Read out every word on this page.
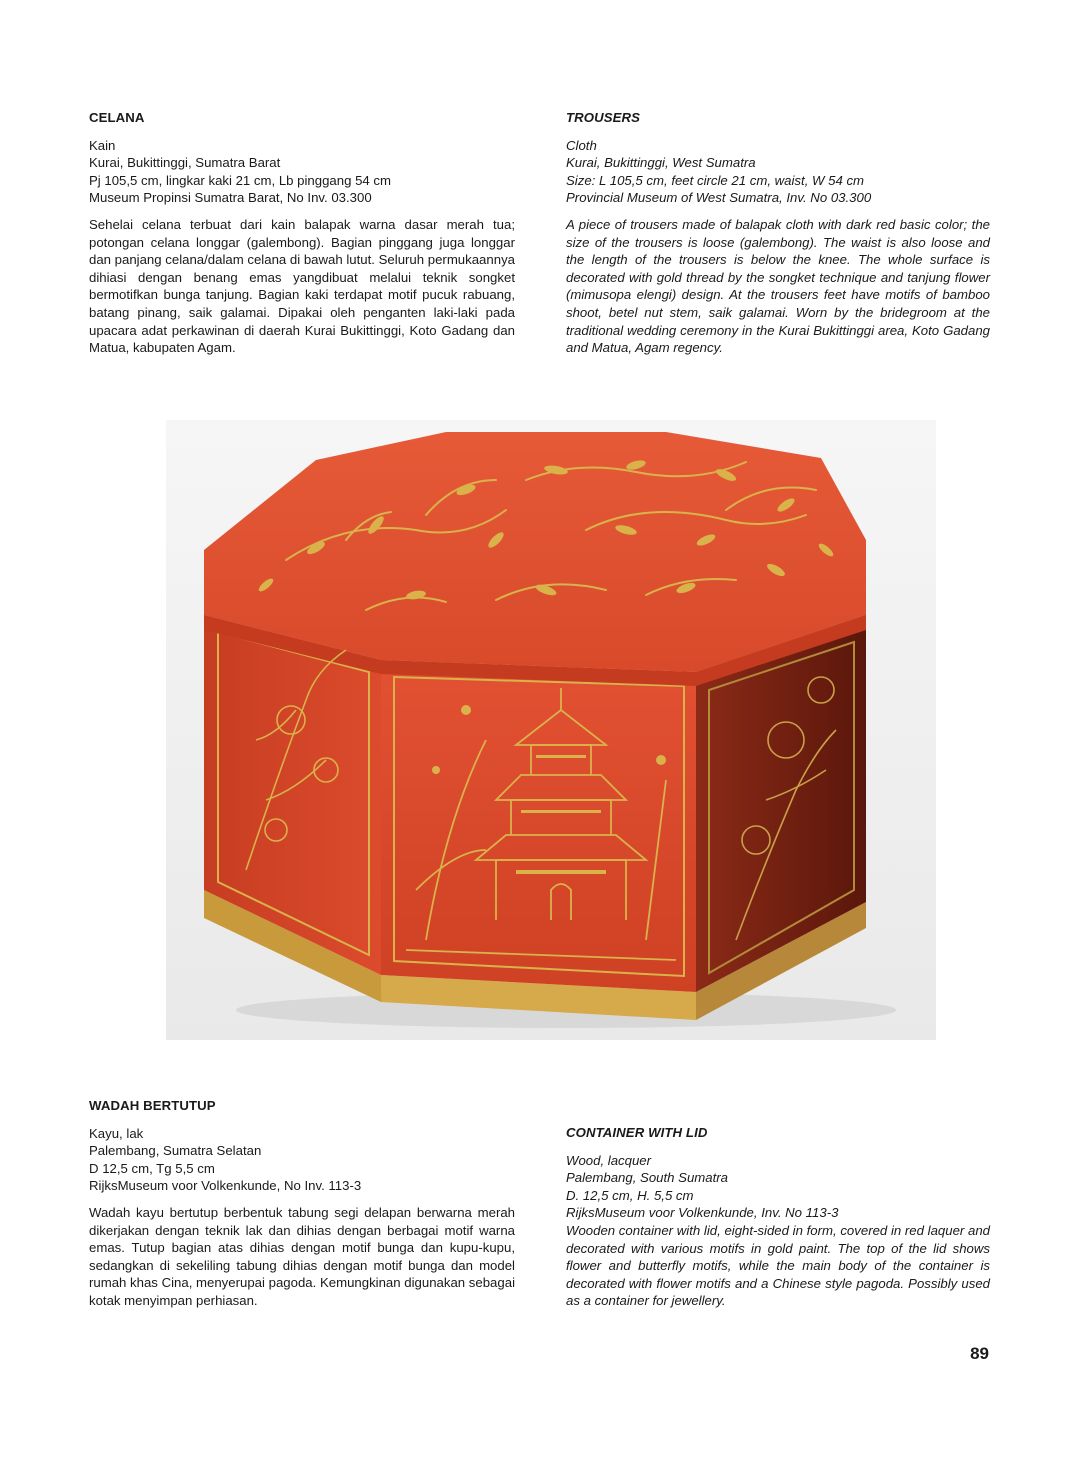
CELANA
Kain
Kurai, Bukittinggi, Sumatra Barat
Pj 105,5 cm, lingkar kaki 21 cm, Lb pinggang 54 cm
Museum Propinsi Sumatra Barat, No Inv. 03.300

Sehelai celana terbuat dari kain balapak warna dasar merah tua; potongan celana longgar (galembong). Bagian pinggang juga longgar dan panjang celana/dalam celana di bawah lutut. Seluruh permukaannya dihiasi dengan benang emas yangdibuat melalui teknik songket bermotifkan bunga tanjung. Bagian kaki terdapat motif pucuk rabuang, batang pinang, saik galamai. Dipakai oleh penganten laki-laki pada upacara adat perkawinan di daerah Kurai Bukittinggi, Koto Gadang dan Matua, kabupaten Agam.

TROUSERS
Cloth
Kurai, Bukittinggi, West Sumatra
Size: L 105,5 cm, feet circle 21 cm, waist, W 54 cm
Provincial Museum of West Sumatra, Inv. No 03.300

A piece of trousers made of balapak cloth with dark red basic color; the size of the trousers is loose (galembong). The waist is also loose and the length of the trousers is below the knee. The whole surface is decorated with gold thread by the songket technique and tanjung flower (mimusopa elengi) design. At the trousers feet have motifs of bamboo shoot, betel nut stem, saik galamai. Worn by the bridegroom at the traditional wedding ceremony in the Kurai Bukittinggi area, Koto Gadang and Matua, Agam regency.

WADAH BERTUTUP
Kayu, lak
Palembang, Sumatra Selatan
D 12,5 cm, Tg 5,5 cm
RijksMuseum voor Volkenkunde, No Inv. 113-3

Wadah kayu bertutup berbentuk tabung segi delapan berwarna merah dikerjakan dengan teknik lak dan dihias dengan berbagai motif warna emas. Tutup bagian atas dihias dengan motif bunga dan kupu-kupu, sedangkan di sekeliling tabung dihias dengan motif bunga dan model rumah khas Cina, menyerupai pagoda. Kemungkinan digunakan sebagai kotak menyimpan perhiasan.

CONTAINER WITH LID
Wood, lacquer
Palembang, South Sumatra
D. 12,5 cm, H. 5,5 cm
RijksMuseum voor Volkenkunde, Inv. No 113-3

Wooden container with lid, eight-sided in form, covered in red laquer and decorated with various motifs in gold paint. The top of the lid shows flower and butterfly motifs, while the main body of the container is decorated with flower motifs and a Chinese style pagoda. Possibly used as a container for jewellery.

89
